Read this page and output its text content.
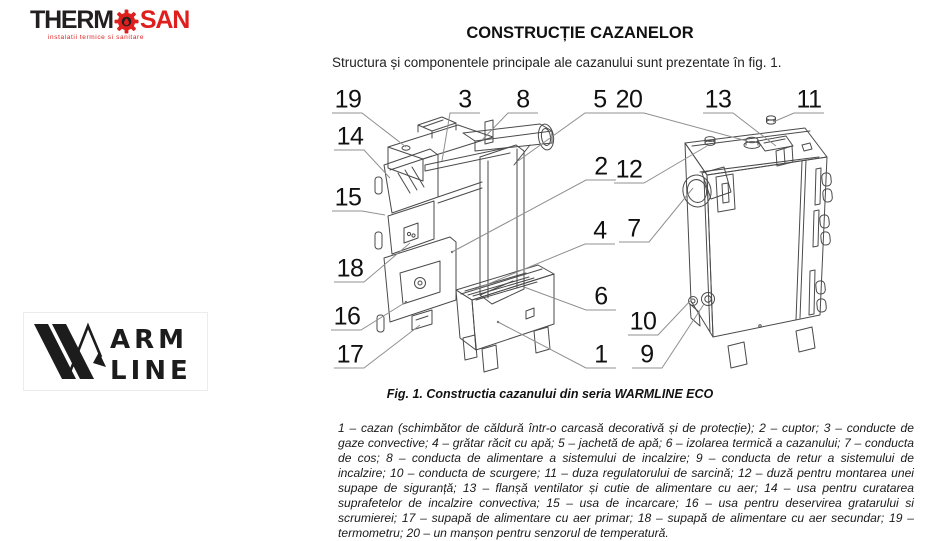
THERM SAN
instalatii termice si sanitare	CONSTRUCȚIE CAZANELOR
Structura și componentele principale ale cazanului sunt prezentate în fig. 1.
19
14
15
18
16
17
3 8	5
2
4
6
1
20 13	11
12
7
10
9
ARM
LINE
Fig. 1. Constructia cazanului din seria WARMLINE ECO

1 – cazan (schimbător de căldură într-o carcasă decorativă și de protecție); 2 – cuptor; 3 – conducte de gaze convective; 4 – grătar răcit cu apă; 5 – jachetă de apă; 6 – izolarea termică a cazanului; 7 – conducta de cos; 8 – conducta de alimentare a sistemului de incalzire; 9 – conducta de retur a sistemului de incalzire; 10 – conducta de scurgere; 11 – duza regulatorului de sarcină; 12 – duză pentru montarea unei supape de siguranță; 13 – flanșă ventilator și cutie de alimentare cu aer; 14 – usa pentru curatarea suprafetelor de incalzire convectiva; 15 – usa de incarcare; 16 – usa pentru deservirea gratarului si scrumierei; 17 – supapă de alimentare cu aer primar; 18 – supapă de alimentare cu aer secundar; 19 – termometru; 20 – un manșon pentru senzorul de temperatură.
